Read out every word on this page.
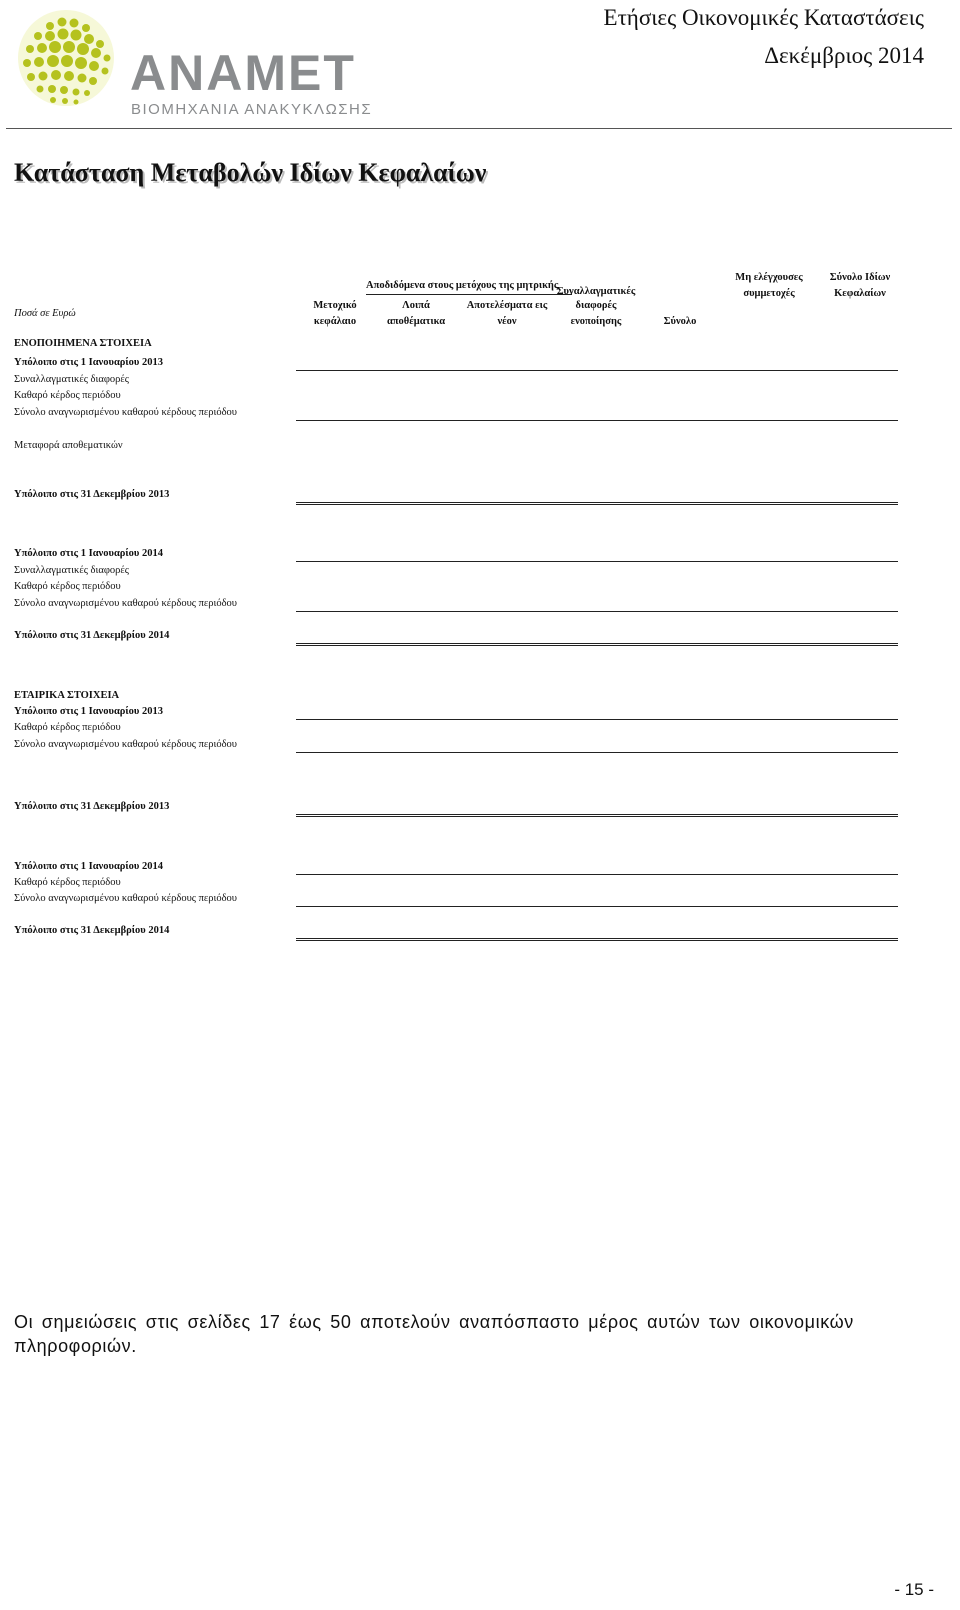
ΑΝΑΜΕΤ
ΒΙΟΜΗΧΑΝΙΑ ΑΝΑΚΥΚΛΩΣΗΣ
Ετήσιες Οικονομικές Καταστάσεις
Δεκέμβριος 2014
Κατάσταση Μεταβολών Ιδίων Κεφαλαίων
Αποδιδόμενα στους μετόχους της μητρικής
Ποσά σε Ευρώ
Μετοχικό
κεφάλαιο
Λοιπά
αποθέματικα
Αποτελέσματα εις
νέον
Συναλλαγματικές
διαφορές
ενοποίησης	Σύνολο
Μη ελέγχουσες
συμμετοχές
Σύνολο Ιδίων
Κεφαλαίων
ΕΝΟΠΟΙΗΜΕΝΑ ΣΤΟΙΧΕΙΑ
ΕΤΑΙΡΙΚΑ ΣΤΟΙΧΕΙΑ
Υπόλοιπο στις 1 Ιανουαρίου 2013
Συναλλαγματικές διαφορές
Καθαρό κέρδος περιόδου
Σύνολο αναγνωρισμένου καθαρού κέρδους περιόδου
Μεταφορά αποθεματικών
Υπόλοιπο στις 31 Δεκεμβρίου 2013
Υπόλοιπο στις 1 Ιανουαρίου 2014
Συναλλαγματικές διαφορές
Καθαρό κέρδος περιόδου
Σύνολο αναγνωρισμένου καθαρού κέρδους περιόδου
Υπόλοιπο στις 31 Δεκεμβρίου 2014
Υπόλοιπο στις 1 Ιανουαρίου 2013
Καθαρό κέρδος περιόδου
Σύνολο αναγνωρισμένου καθαρού κέρδους περιόδου
Υπόλοιπο στις 31 Δεκεμβρίου 2013
Υπόλοιπο στις 1 Ιανουαρίου 2014
Καθαρό κέρδος περιόδου
Σύνολο αναγνωρισμένου καθαρού κέρδους περιόδου
Υπόλοιπο στις 31 Δεκεμβρίου 2014
Οι σημειώσεις στις σελίδες 17 έως 50 αποτελούν αναπόσπαστο μέρος αυτών των οικονομικών πληροφοριών.
- 15 -
